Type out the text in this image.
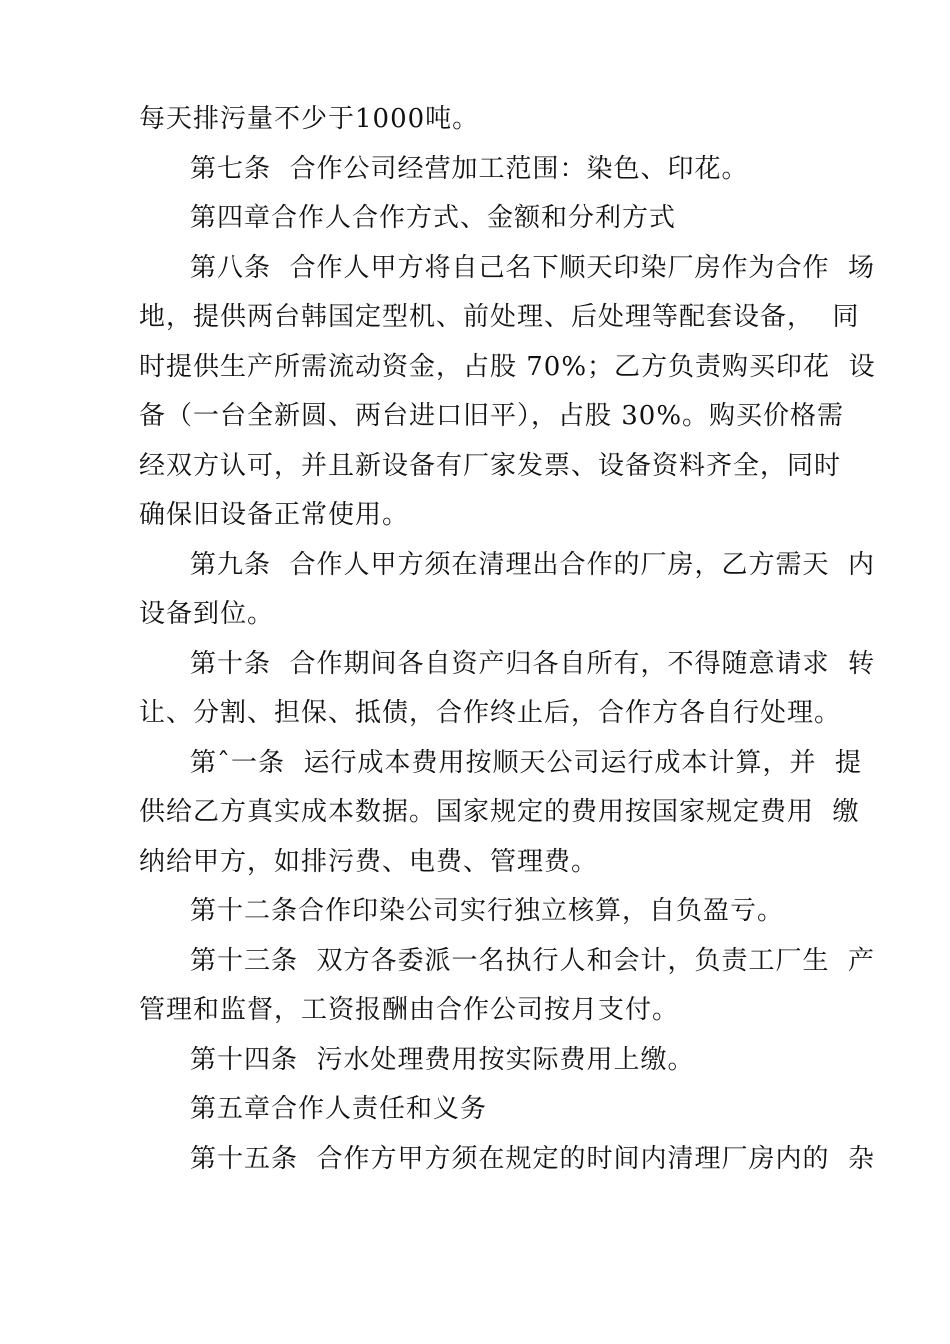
每天排污量不少于1000吨。
第七条  合作公司经营加工范围：染色、印花。
第四章合作人合作方式、金额和分利方式
第八条  合作人甲方将自己名下顺天印染厂房作为合作  场
地，提供两台韩国定型机、前处理、后处理等配套设备，  同
时提供生产所需流动资金，占股 70%；乙方负责购买印花  设
备（一台全新圆、两台进口旧平），占股 30%。购买价格需
经双方认可，并且新设备有厂家发票、设备资料齐全，同时
确保旧设备正常使用。
第九条  合作人甲方须在清理出合作的厂房，乙方需天  内
设备到位。
第十条  合作期间各自资产归各自所有，不得随意请求  转
让、分割、担保、抵债，合作终止后，合作方各自行处理。
第ˆ一条  运行成本费用按顺天公司运行成本计算，并  提
供给乙方真实成本数据。国家规定的费用按国家规定费用  缴
纳给甲方，如排污费、电费、管理费。
第十二条合作印染公司实行独立核算，自负盈亏。
第十三条  双方各委派一名执行人和会计，负责工厂生  产
管理和监督，工资报酬由合作公司按月支付。
第十四条  污水处理费用按实际费用上缴。
第五章合作人责任和义务
第十五条  合作方甲方须在规定的时间内清理厂房内的  杂
